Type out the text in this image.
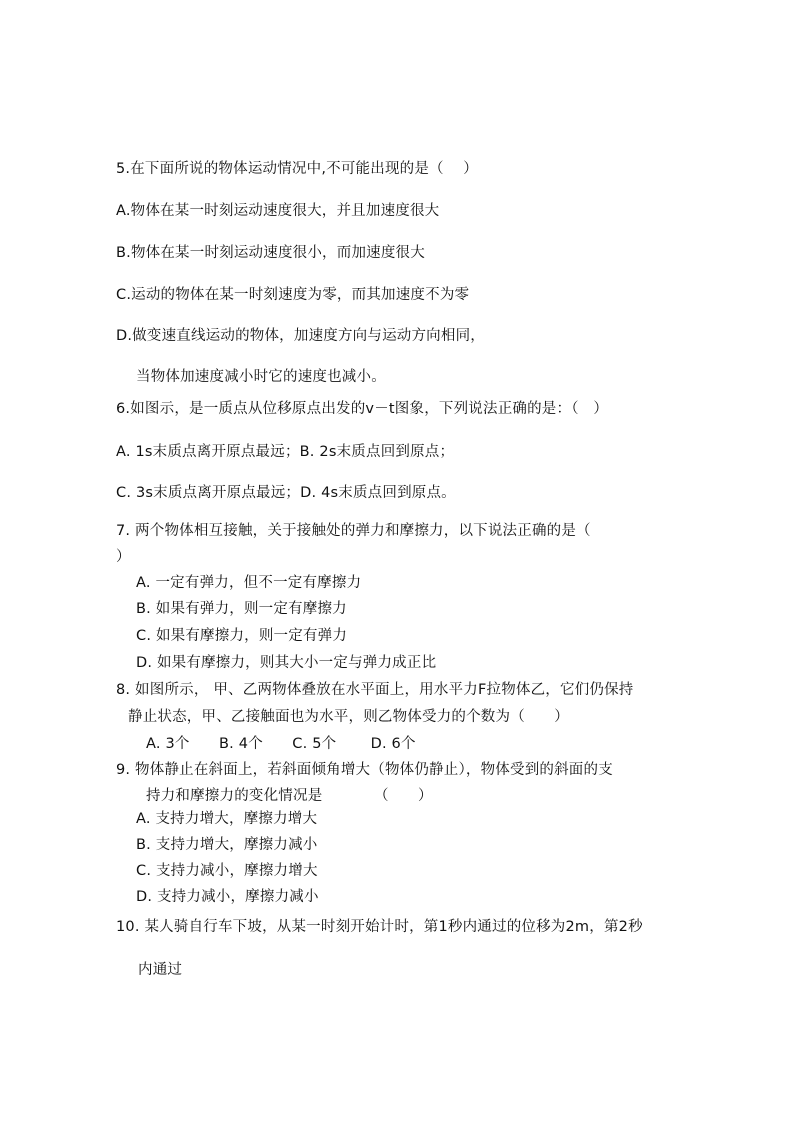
5.在下面所说的物体运动情况中,不可能出现的是（　 ）
A.物体在某一时刻运动速度很大，并且加速度很大
B.物体在某一时刻运动速度很小，而加速度很大
C.运动的物体在某一时刻速度为零，而其加速度不为零
D.做变速直线运动的物体，加速度方向与运动方向相同，
当物体加速度减小时它的速度也减小。
6.如图示，是一质点从位移原点出发的v－t图象，下列说法正确的是：（　）
A. 1s末质点离开原点最远；B. 2s末质点回到原点；
C. 3s末质点离开原点最远；D. 4s末质点回到原点。
7. 两个物体相互接触，关于接触处的弹力和摩擦力，以下说法正确的是（
）
A. 一定有弹力，但不一定有摩擦力
B. 如果有弹力，则一定有摩擦力
C. 如果有摩擦力，则一定有弹力
D. 如果有摩擦力，则其大小一定与弹力成正比
8. 如图所示， 甲、乙两物体叠放在水平面上，用水平力F拉物体乙，它们仍保持
静止状态，甲、乙接触面也为水平，则乙物体受力的个数为（　　）
A. 3个　　B. 4个　　C. 5个　　 D. 6个
9. 物体静止在斜面上，若斜面倾角增大（物体仍静止），物体受到的斜面的支
持力和摩擦力的变化情况是　　　　（　　）
A. 支持力增大，摩擦力增大
B. 支持力增大，摩擦力减小
C. 支持力减小，摩擦力增大
D. 支持力减小，摩擦力减小
10. 某人骑自行车下坡，从某一时刻开始计时，第1秒内通过的位移为2m，第2秒
内通过
